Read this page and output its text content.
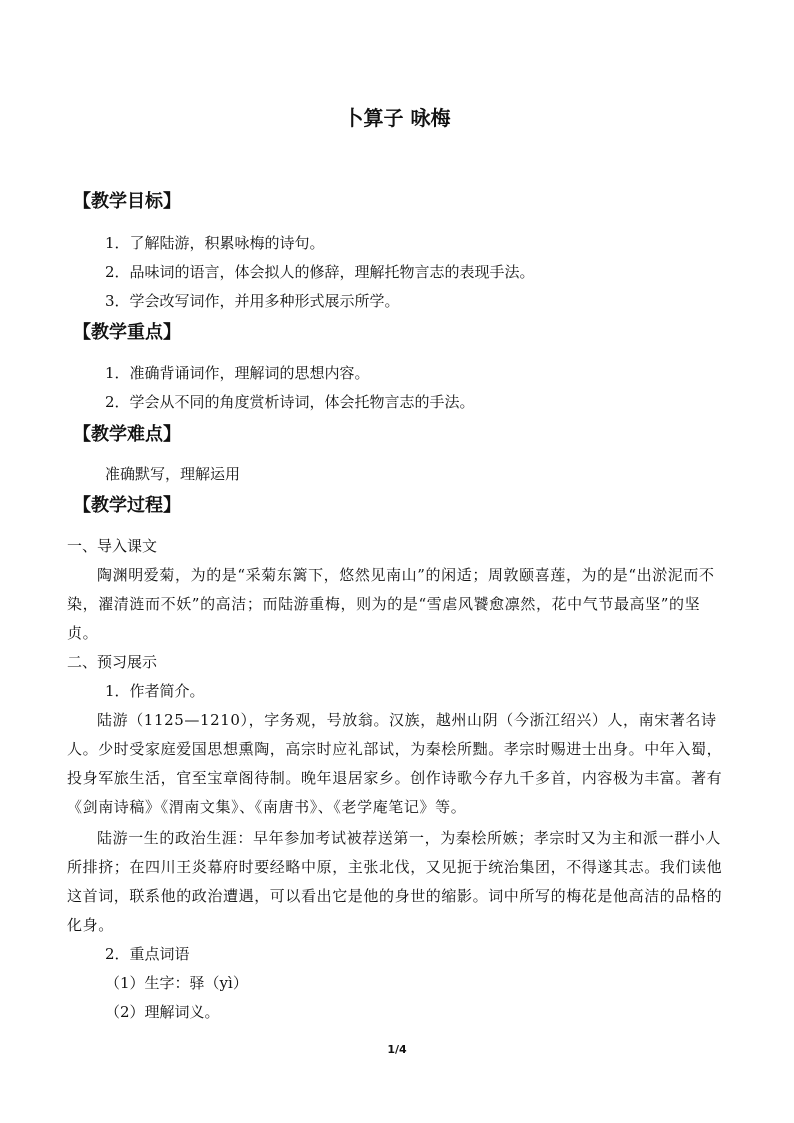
卜算子 咏梅
【教学目标】

1．了解陆游，积累咏梅的诗句。

2．品味词的语言，体会拟人的修辞，理解托物言志的表现手法。

3．学会改写词作，并用多种形式展示所学。

【教学重点】

1．准确背诵词作，理解词的思想内容。

2．学会从不同的角度赏析诗词，体会托物言志的手法。

【教学难点】

准确默写，理解运用

【教学过程】

一、导入课文

陶渊明爱菊，为的是“采菊东篱下，悠然见南山”的闲适；周敦颐喜莲，为的是“出淤泥而不染，濯清涟而不妖”的高洁；而陆游重梅，则为的是“雪虐风饕愈凛然，花中气节最高坚”的坚贞。

二、预习展示

1．作者简介。

陆游（1125—1210），字务观，号放翁。汉族，越州山阴（今浙江绍兴）人，南宋著名诗人。少时受家庭爱国思想熏陶，高宗时应礼部试，为秦桧所黜。孝宗时赐进士出身。中年入蜀，投身军旅生活，官至宝章阁待制。晚年退居家乡。创作诗歌今存九千多首，内容极为丰富。著有《剑南诗稿》《渭南文集》、《南唐书》、《老学庵笔记》等。

陆游一生的政治生涯：早年参加考试被荐送第一，为秦桧所嫉；孝宗时又为主和派一群小人所排挤；在四川王炎幕府时要经略中原，主张北伐，又见扼于统治集团，不得遂其志。我们读他这首词，联系他的政治遭遇，可以看出它是他的身世的缩影。词中所写的梅花是他高洁的品格的化身。

2．重点词语

（1）生字：驿（yì）

（2）理解词义。

1/4
